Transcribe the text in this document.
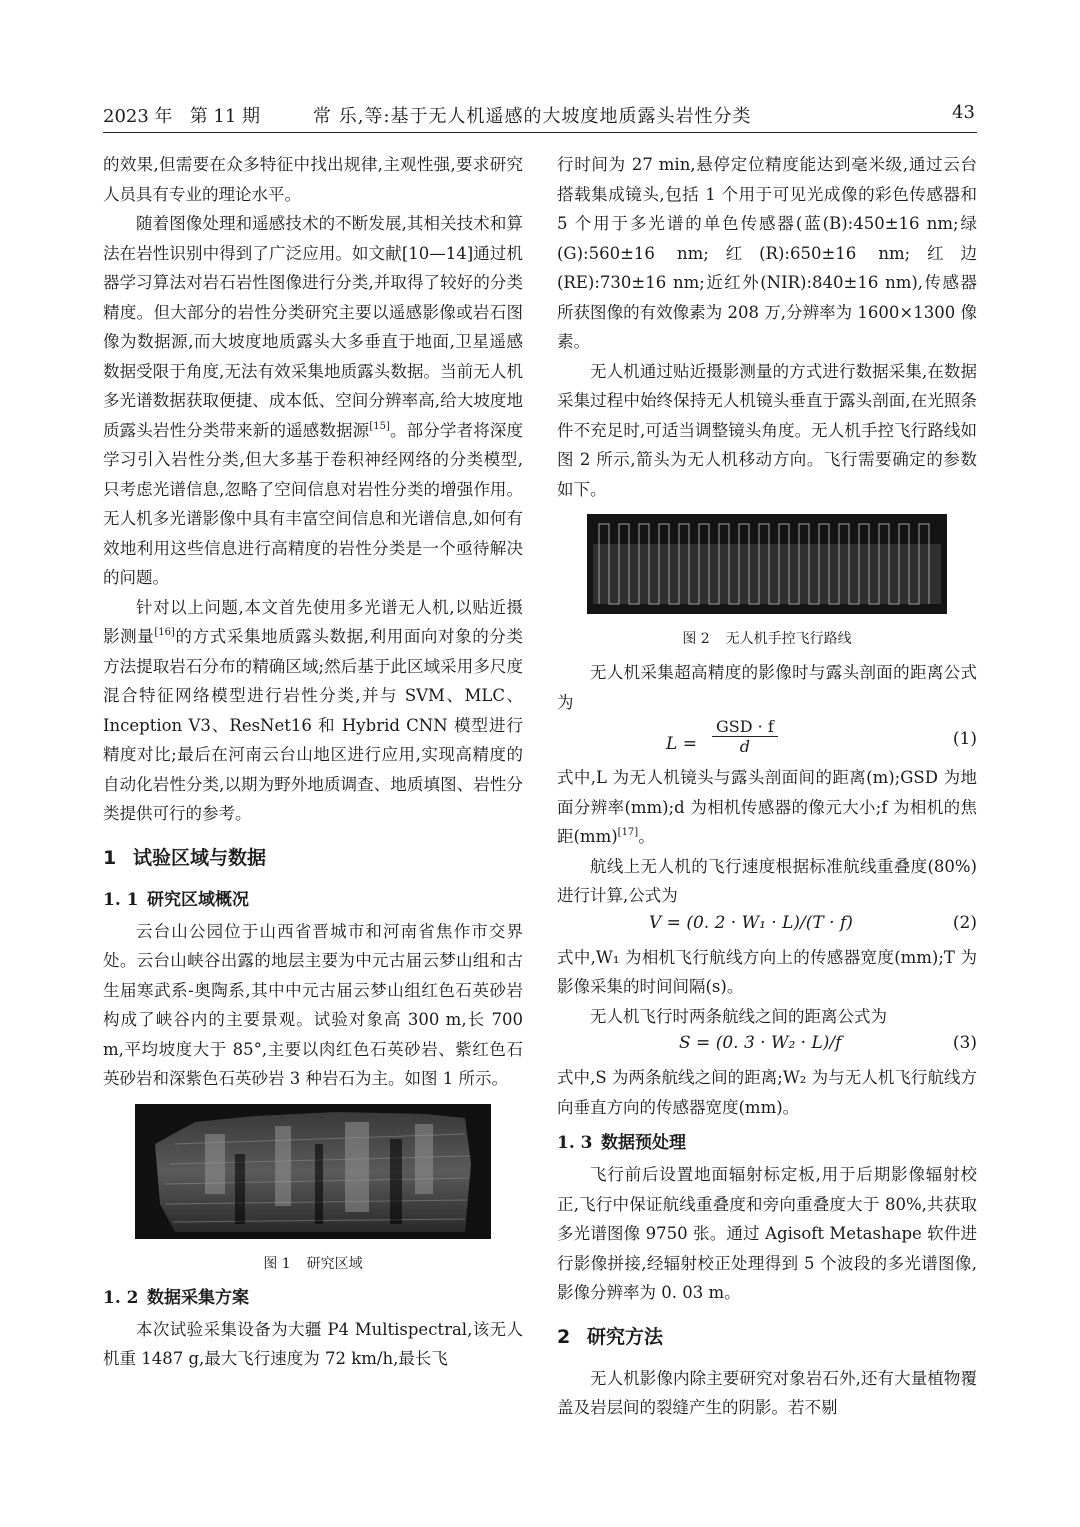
2023 年   第 11 期	常 乐,等:基于无人机遥感的大坡度地质露头岩性分类	43

的效果,但需要在众多特征中找出规律,主观性强,要求研究人员具有专业的理论水平。

随着图像处理和遥感技术的不断发展,其相关技术和算法在岩性识别中得到了广泛应用。如文献[10—14]通过机器学习算法对岩石岩性图像进行分类,并取得了较好的分类精度。但大部分的岩性分类研究主要以遥感影像或岩石图像为数据源,而大坡度地质露头大多垂直于地面,卫星遥感数据受限于角度,无法有效采集地质露头数据。当前无人机多光谱数据获取便捷、成本低、空间分辨率高,给大坡度地质露头岩性分类带来新的遥感数据源[15]。部分学者将深度学习引入岩性分类,但大多基于卷积神经网络的分类模型,只考虑光谱信息,忽略了空间信息对岩性分类的增强作用。无人机多光谱影像中具有丰富空间信息和光谱信息,如何有效地利用这些信息进行高精度的岩性分类是一个亟待解决的问题。

针对以上问题,本文首先使用多光谱无人机,以贴近摄影测量[16]的方式采集地质露头数据,利用面向对象的分类方法提取岩石分布的精确区域;然后基于此区域采用多尺度混合特征网络模型进行岩性分类,并与 SVM、MLC、Inception V3、ResNet16 和 Hybrid CNN 模型进行精度对比;最后在河南云台山地区进行应用,实现高精度的自动化岩性分类,以期为野外地质调查、地质填图、岩性分类提供可行的参考。

1 试验区域与数据
1. 1 研究区域概况

云台山公园位于山西省晋城市和河南省焦作市交界处。云台山峡谷出露的地层主要为中元古届云梦山组和古生届寒武系-奥陶系,其中中元古届云梦山组红色石英砂岩构成了峡谷内的主要景观。试验对象高 300 m,长 700 m,平均坡度大于 85°,主要以肉红色石英砂岩、紫红色石英砂岩和深紫色石英砂岩 3 种岩石为主。如图 1 所示。

图 1 研究区域
1. 2 数据采集方案

本次试验采集设备为大疆 P4 Multispectral,该无人机重 1487 g,最大飞行速度为 72 km/h,最长飞

行时间为 27 min,悬停定位精度能达到毫米级,通过云台搭载集成镜头,包括 1 个用于可见光成像的彩色传感器和 5 个用于多光谱的单色传感器(蓝(B):450±16 nm;绿(G):560±16 nm;红(R):650±16 nm;红边(RE):730±16 nm;近红外(NIR):840±16 nm),传感器所获图像的有效像素为 208 万,分辨率为 1600×1300 像素。

无人机通过贴近摄影测量的方式进行数据采集,在数据采集过程中始终保持无人机镜头垂直于露头剖面,在光照条件不充足时,可适当调整镜头角度。无人机手控飞行路线如图 2 所示,箭头为无人机移动方向。飞行需要确定的参数如下。

图 2 无人机手控飞行路线

无人机采集超高精度的影像时与露头剖面的距离公式为

L =
GSD · f
d	(1)

式中,L 为无人机镜头与露头剖面间的距离(m);GSD 为地面分辨率(mm);d 为相机传感器的像元大小;f 为相机的焦距(mm)[17]。

航线上无人机的飞行速度根据标准航线重叠度(80%)进行计算,公式为

V = (0. 2 · W₁ · L)/(T · f)	(2)

式中,W₁ 为相机飞行航线方向上的传感器宽度(mm);T 为影像采集的时间间隔(s)。

无人机飞行时两条航线之间的距离公式为

S = (0. 3 · W₂ · L)/f	(3)

式中,S 为两条航线之间的距离;W₂ 为与无人机飞行航线方向垂直方向的传感器宽度(mm)。

1. 3 数据预处理

飞行前后设置地面辐射标定板,用于后期影像辐射校正,飞行中保证航线重叠度和旁向重叠度大于 80%,共获取多光谱图像 9750 张。通过 Agisoft Metashape 软件进行影像拼接,经辐射校正处理得到 5 个波段的多光谱图像,影像分辨率为 0. 03 m。

2 研究方法

无人机影像内除主要研究对象岩石外,还有大量植物覆盖及岩层间的裂缝产生的阴影。若不剔
